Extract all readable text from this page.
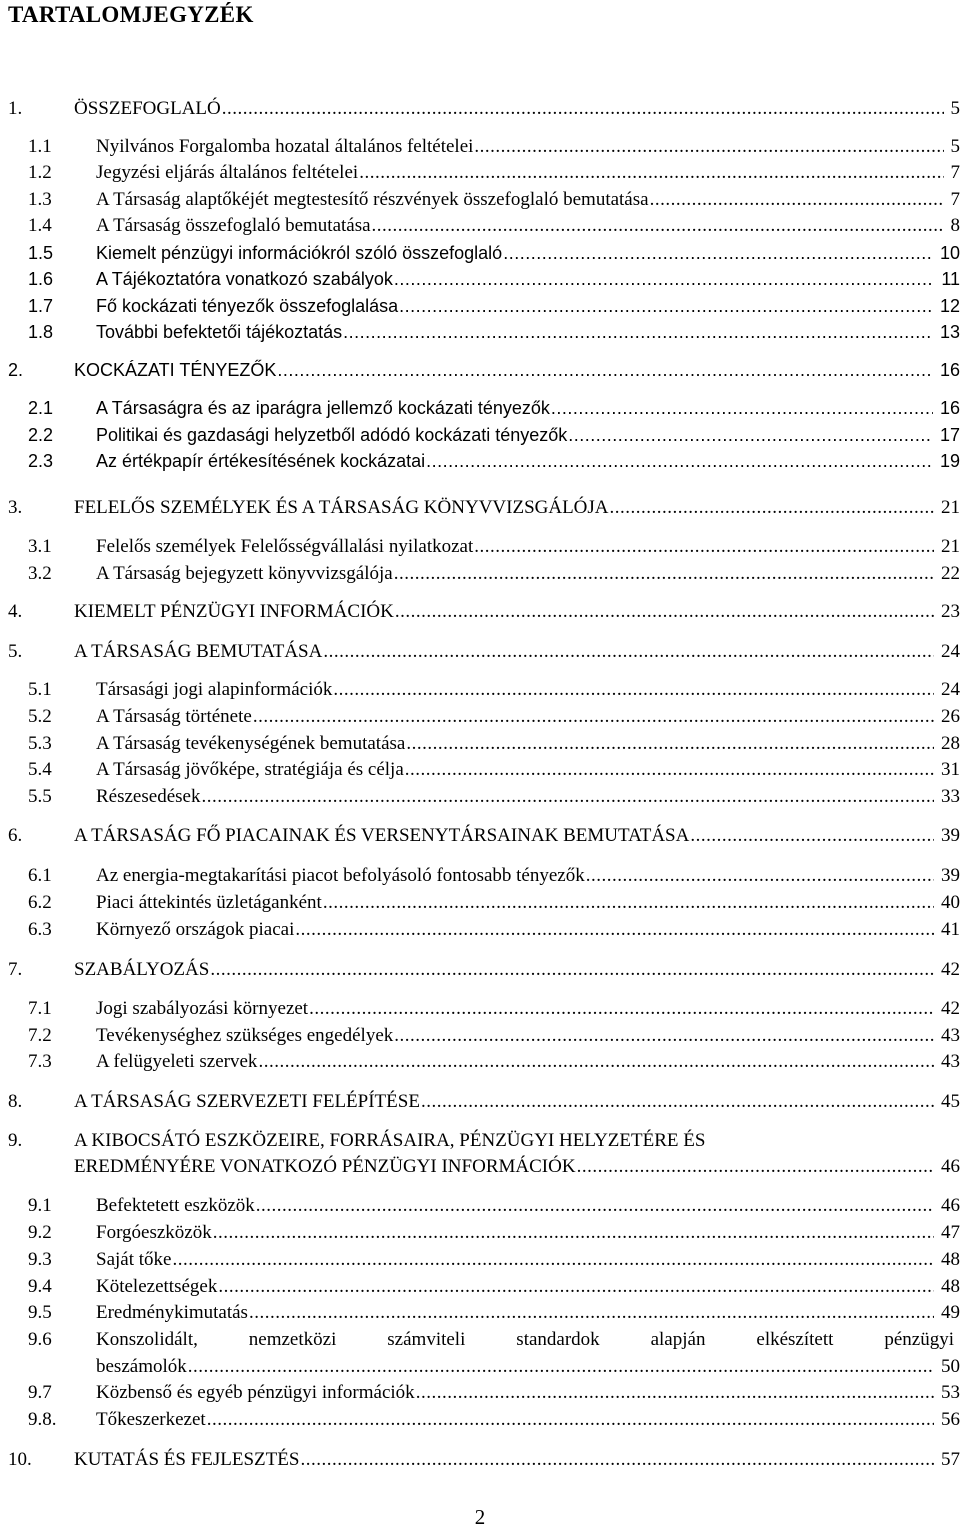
TARTALOMJEGYZÉK
1.	ÖSSZEFOGLALÓ .....	5
1.1	Nyilvános Forgalomba hozatal általános feltételei .....	5
1.2	Jegyzési eljárás általános feltételei .....	7
1.3	A Társaság alaptőkéjét megtestesítő részvények összefoglaló bemutatása .....	7
1.4	A Társaság összefoglaló bemutatása .....	8
1.5	Kiemelt pénzügyi információkról szóló összefoglaló .....	10
1.6	A Tájékoztatóra vonatkozó szabályok .....	11
1.7	Fő kockázati tényezők összefoglalása .....	12
1.8	További befektetői tájékoztatás .....	13
2.	KOCKÁZATI TÉNYEZŐK .....	16
2.1	A Társaságra és az iparágra jellemző kockázati tényezők .....	16
2.2	Politikai és gazdasági helyzetből adódó kockázati tényezők .....	17
2.3	Az értékpapír értékesítésének kockázatai .....	19
3.	FELELŐS SZEMÉLYEK ÉS A TÁRSASÁG KÖNYVVIZSGÁLÓJA .....	21
3.1	Felelős személyek Felelősségvállalási nyilatkozat .....	21
3.2	A Társaság bejegyzett könyvvizsgálója .....	22
4.	KIEMELT PÉNZÜGYI INFORMÁCIÓK .....	23
5.	A TÁRSASÁG BEMUTATÁSA .....	24
5.1	Társasági jogi alapinformációk .....	24
5.2	A Társaság története .....	26
5.3	A Társaság tevékenységének bemutatása .....	28
5.4	A Társaság jövőképe, stratégiája és célja .....	31
5.5	Részesedések .....	33
6.	A TÁRSASÁG FŐ PIACAINAK ÉS VERSENYTÁRSAINAK BEMUTATÁSA .....	39
6.1	Az energia-megtakarítási piacot befolyásoló fontosabb tényezők .....	39
6.2	Piaci áttekintés üzletáganként .....	40
6.3	Környező országok piacai .....	41
7.	SZABÁLYOZÁS .....	42
7.1	Jogi szabályozási környezet .....	42
7.2	Tevékenységhez szükséges engedélyek .....	43
7.3	A felügyeleti szervek .....	43
8.	A TÁRSASÁG SZERVEZETI FELÉPÍTÉSE .....	45
9.	A KIBOCSÁTÓ ESZKÖZEIRE, FORRÁSAIRA, PÉNZÜGYI HELYZETÉRE ÉS
EREDMÉNYÉRE VONATKOZÓ PÉNZÜGYI INFORMÁCIÓK .....	46
9.1	Befektetett eszközök .....	46
9.2	Forgóeszközök .....	47
9.3	Saját tőke .....	48
9.4	Kötelezettségek .....	48
9.5	Eredménykimutatás .....	49
9.6	Konszolidált, nemzetközi számviteli standardok alapján elkészített pénzügyi
beszámolók .....	50
9.7	Közbenső és egyéb pénzügyi információk .....	53
9.8.	Tőkeszerkezet .....	56
10.	KUTATÁS ÉS FEJLESZTÉS .....	57
2
